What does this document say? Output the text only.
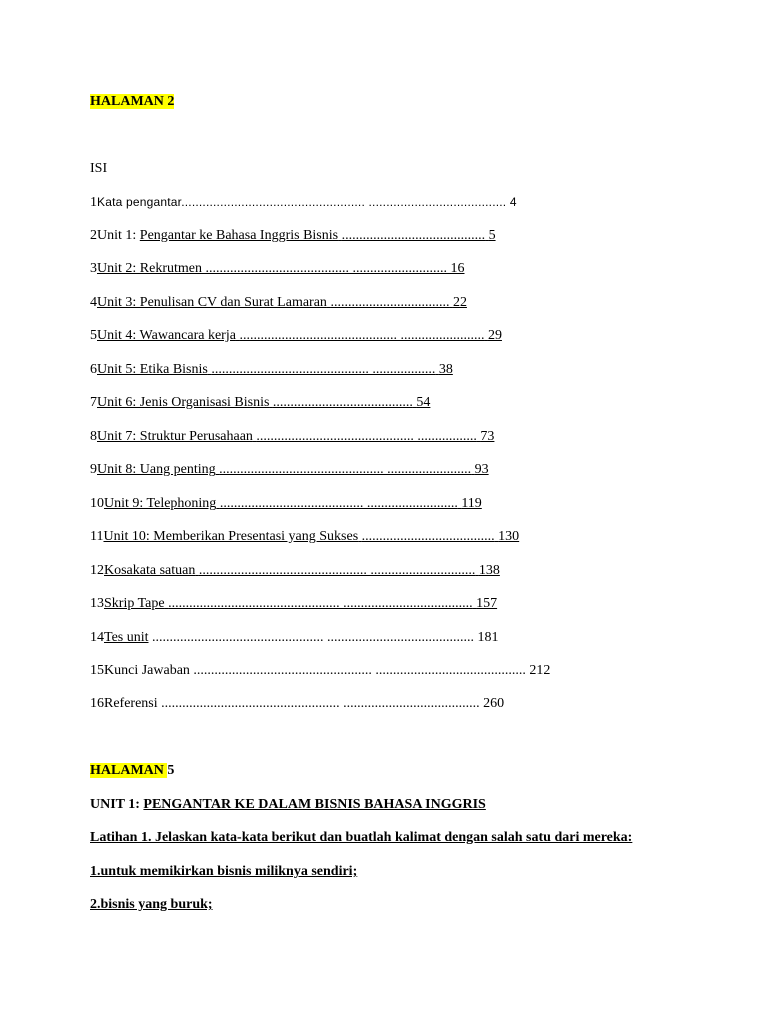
HALAMAN 2
ISI
1Kata pengantar.................................................... ....................................... 4
2Unit 1: Pengantar ke Bahasa Inggris Bisnis ......................................... 5
3Unit 2: Rekrutmen ......................................... ........................... 16
4Unit 3: Penulisan CV dan Surat Lamaran .................................. 22
5Unit 4: Wawancara kerja ............................................. ........................ 29
6Unit 5: Etika Bisnis ............................................. .................. 38
7Unit 6: Jenis Organisasi Bisnis ........................................ 54
8Unit 7: Struktur Perusahaan ............................................. ................. 73
9Unit 8: Uang penting ............................................... ........................ 93
10Unit 9: Telephoning ......................................... .......................... 119
11Unit 10: Memberikan Presentasi yang Sukses ...................................... 130
12Kosakata satuan ................................................ .............................. 138
13Skrip Tape ................................................. ..................................... 157
14Tes unit ................................................. .......................................... 181
15Kunci Jawaban ................................................... ........................................... 212
16Referensi ................................................... ....................................... 260
HALAMAN 5
UNIT 1: PENGANTAR KE DALAM BISNIS BAHASA INGGRIS
Latihan 1. Jelaskan kata-kata berikut dan buatlah kalimat dengan salah satu dari mereka:
1.untuk memikirkan bisnis miliknya sendiri;
2.bisnis yang buruk;
